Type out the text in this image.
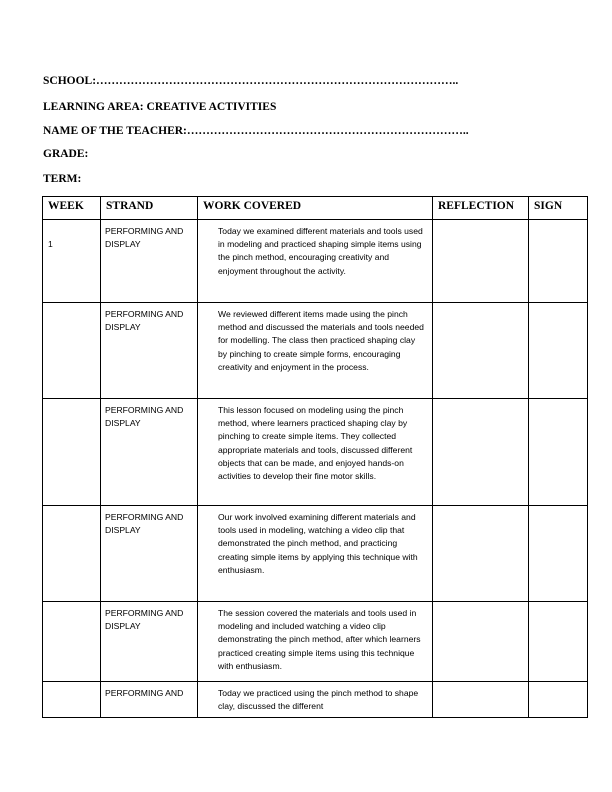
SCHOOL:…………………………………………………………………………………..
LEARNING AREA: CREATIVE ACTIVITIES
NAME OF THE TEACHER:………………………………………………………………..
GRADE:
TERM:
WEEK	STRAND	WORK COVERED	REFLECTION	SIGN

1	PERFORMING AND DISPLAY	Today we examined different materials and tools used in modeling and practiced shaping simple items using the pinch method, encouraging creativity and enjoyment throughout the activity.		
	PERFORMING AND DISPLAY	We reviewed different items made using the pinch method and discussed the materials and tools needed for modelling. The class then practiced shaping clay by pinching to create simple forms, encouraging creativity and enjoyment in the process.		
	PERFORMING AND DISPLAY	This lesson focused on modeling using the pinch method, where learners practiced shaping clay by pinching to create simple items. They collected appropriate materials and tools, discussed different objects that can be made, and enjoyed hands-on activities to develop their fine motor skills.		
	PERFORMING AND DISPLAY	Our work involved examining different materials and tools used in modeling, watching a video clip that demonstrated the pinch method, and practicing creating simple items by applying this technique with enthusiasm.		
	PERFORMING AND DISPLAY	The session covered the materials and tools used in modeling and included watching a video clip demonstrating the pinch method, after which learners practiced creating simple items using this technique with enthusiasm.		
	PERFORMING AND	Today we practiced using the pinch method to shape clay, discussed the different		
